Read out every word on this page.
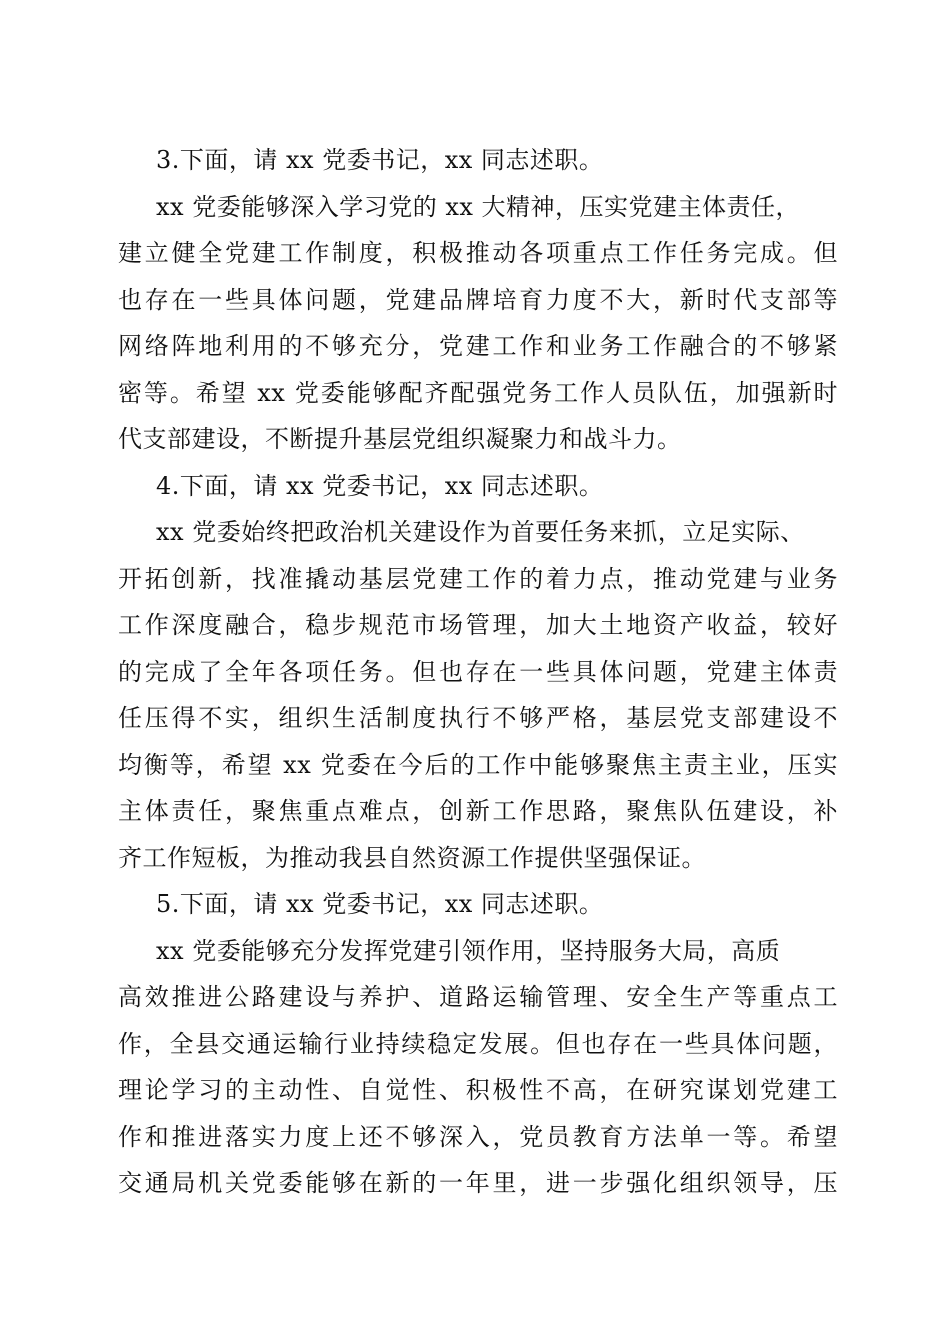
3.下面，请 xx 党委书记，xx 同志述职。
xx 党委能够深入学习党的 xx 大精神，压实党建主体责任，
建立健全党建工作制度，积极推动各项重点工作任务完成。但
也存在一些具体问题，党建品牌培育力度不大，新时代支部等
网络阵地利用的不够充分，党建工作和业务工作融合的不够紧
密等。希望 xx 党委能够配齐配强党务工作人员队伍，加强新时
代支部建设，不断提升基层党组织凝聚力和战斗力。
4.下面，请 xx 党委书记，xx 同志述职。
xx 党委始终把政治机关建设作为首要任务来抓，立足实际、
开拓创新，找准撬动基层党建工作的着力点，推动党建与业务
工作深度融合，稳步规范市场管理，加大土地资产收益，较好
的完成了全年各项任务。但也存在一些具体问题，党建主体责
任压得不实，组织生活制度执行不够严格，基层党支部建设不
均衡等，希望 xx 党委在今后的工作中能够聚焦主责主业，压实
主体责任，聚焦重点难点，创新工作思路，聚焦队伍建设，补
齐工作短板，为推动我县自然资源工作提供坚强保证。
5.下面，请 xx 党委书记，xx 同志述职。
xx 党委能够充分发挥党建引领作用，坚持服务大局，高质
高效推进公路建设与养护、道路运输管理、安全生产等重点工
作，全县交通运输行业持续稳定发展。但也存在一些具体问题，
理论学习的主动性、自觉性、积极性不高，在研究谋划党建工
作和推进落实力度上还不够深入，党员教育方法单一等。希望
交通局机关党委能够在新的一年里，进一步强化组织领导，压
